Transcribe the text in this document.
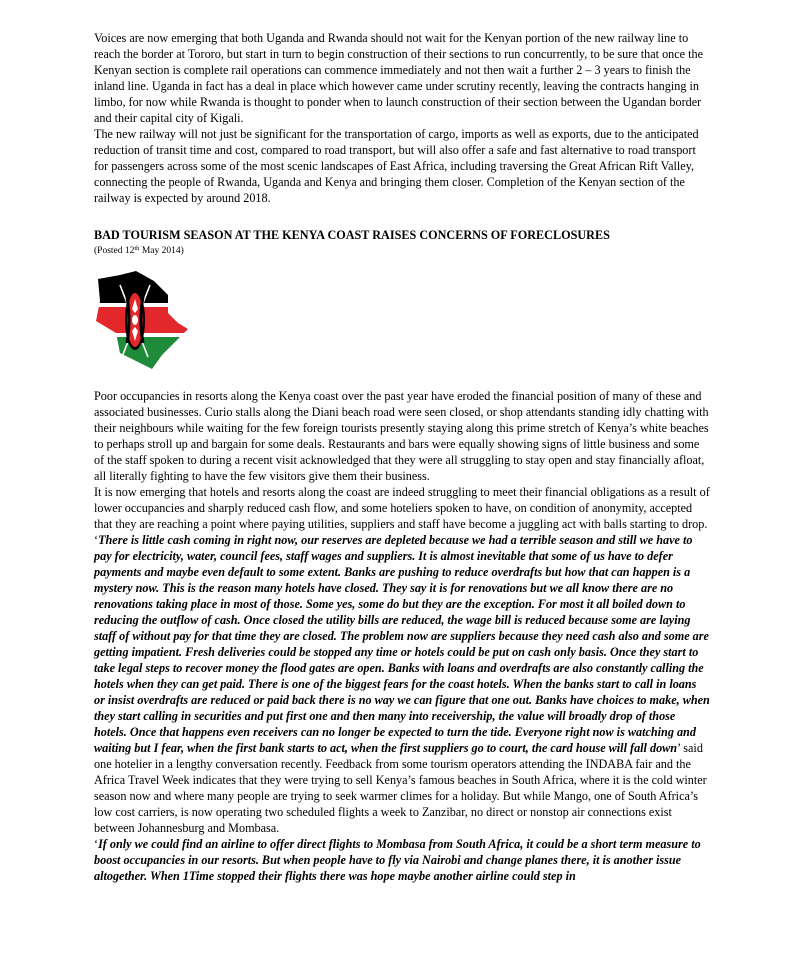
Voices are now emerging that both Uganda and Rwanda should not wait for the Kenyan portion of the new railway line to reach the border at Tororo, but start in turn to begin construction of their sections to run concurrently, to be sure that once the Kenyan section is complete rail operations can commence immediately and not then wait a further 2 – 3 years to finish the inland line. Uganda in fact has a deal in place which however came under scrutiny recently, leaving the contracts hanging in limbo, for now while Rwanda is thought to ponder when to launch construction of their section between the Ugandan border and their capital city of Kigali.

The new railway will not just be significant for the transportation of cargo, imports as well as exports, due to the anticipated reduction of transit time and cost, compared to road transport, but will also offer a safe and fast alternative to road transport for passengers across some of the most scenic landscapes of East Africa, including traversing the Great African Rift Valley, connecting the people of Rwanda, Uganda and Kenya and bringing them closer. Completion of the Kenyan section of the railway is expected by around 2018.

BAD TOURISM SEASON AT THE KENYA COAST RAISES CONCERNS OF FORECLOSURES

(Posted 12th May 2014)

Poor occupancies in resorts along the Kenya coast over the past year have eroded the financial position of many of these and associated businesses. Curio stalls along the Diani beach road were seen closed, or shop attendants standing idly chatting with their neighbours while waiting for the few foreign tourists presently staying along this prime stretch of Kenya’s white beaches to perhaps stroll up and bargain for some deals. Restaurants and bars were equally showing signs of little business and some of the staff spoken to during a recent visit acknowledged that they were all struggling to stay open and stay financially afloat, all literally fighting to have the few visitors give them their business.

It is now emerging that hotels and resorts along the coast are indeed struggling to meet their financial obligations as a result of lower occupancies and sharply reduced cash flow, and some hoteliers spoken to have, on condition of anonymity, accepted that they are reaching a point where paying utilities, suppliers and staff have become a juggling act with balls starting to drop. ‘There is little cash coming in right now, our reserves are depleted because we had a terrible season and still we have to pay for electricity, water, council fees, staff wages and suppliers. It is almost inevitable that some of us have to defer payments and maybe even default to some extent. Banks are pushing to reduce overdrafts but how that can happen is a mystery now. This is the reason many hotels have closed. They say it is for renovations but we all know there are no renovations taking place in most of those. Some yes, some do but they are the exception. For most it all boiled down to reducing the outflow of cash. Once closed the utility bills are reduced, the wage bill is reduced because some are laying staff of without pay for that time they are closed. The problem now are suppliers because they need cash also and some are getting impatient. Fresh deliveries could be stopped any time or hotels could be put on cash only basis. Once they start to take legal steps to recover money the flood gates are open. Banks with loans and overdrafts are also constantly calling the hotels when they can get paid. There is one of the biggest fears for the coast hotels. When the banks start to call in loans or insist overdrafts are reduced or paid back there is no way we can figure that one out. Banks have choices to make, when they start calling in securities and put first one and then many into receivership, the value will broadly drop of those hotels. Once that happens even receivers can no longer be expected to turn the tide. Everyone right now is watching and waiting but I fear, when the first bank starts to act, when the first suppliers go to court, the card house will fall down’ said one hotelier in a lengthy conversation recently. Feedback from some tourism operators attending the INDABA fair and the Africa Travel Week indicates that they were trying to sell Kenya’s famous beaches in South Africa, where it is the cold winter season now and where many people are trying to seek warmer climes for a holiday. But while Mango, one of South Africa’s low cost carriers, is now operating two scheduled flights a week to Zanzibar, no direct or nonstop air connections exist between Johannesburg and Mombasa.

‘If only we could find an airline to offer direct flights to Mombasa from South Africa, it could be a short term measure to boost occupancies in our resorts. But when people have to fly via Nairobi and change planes there, it is another issue altogether. When 1Time stopped their flights there was hope maybe another airline could step in
